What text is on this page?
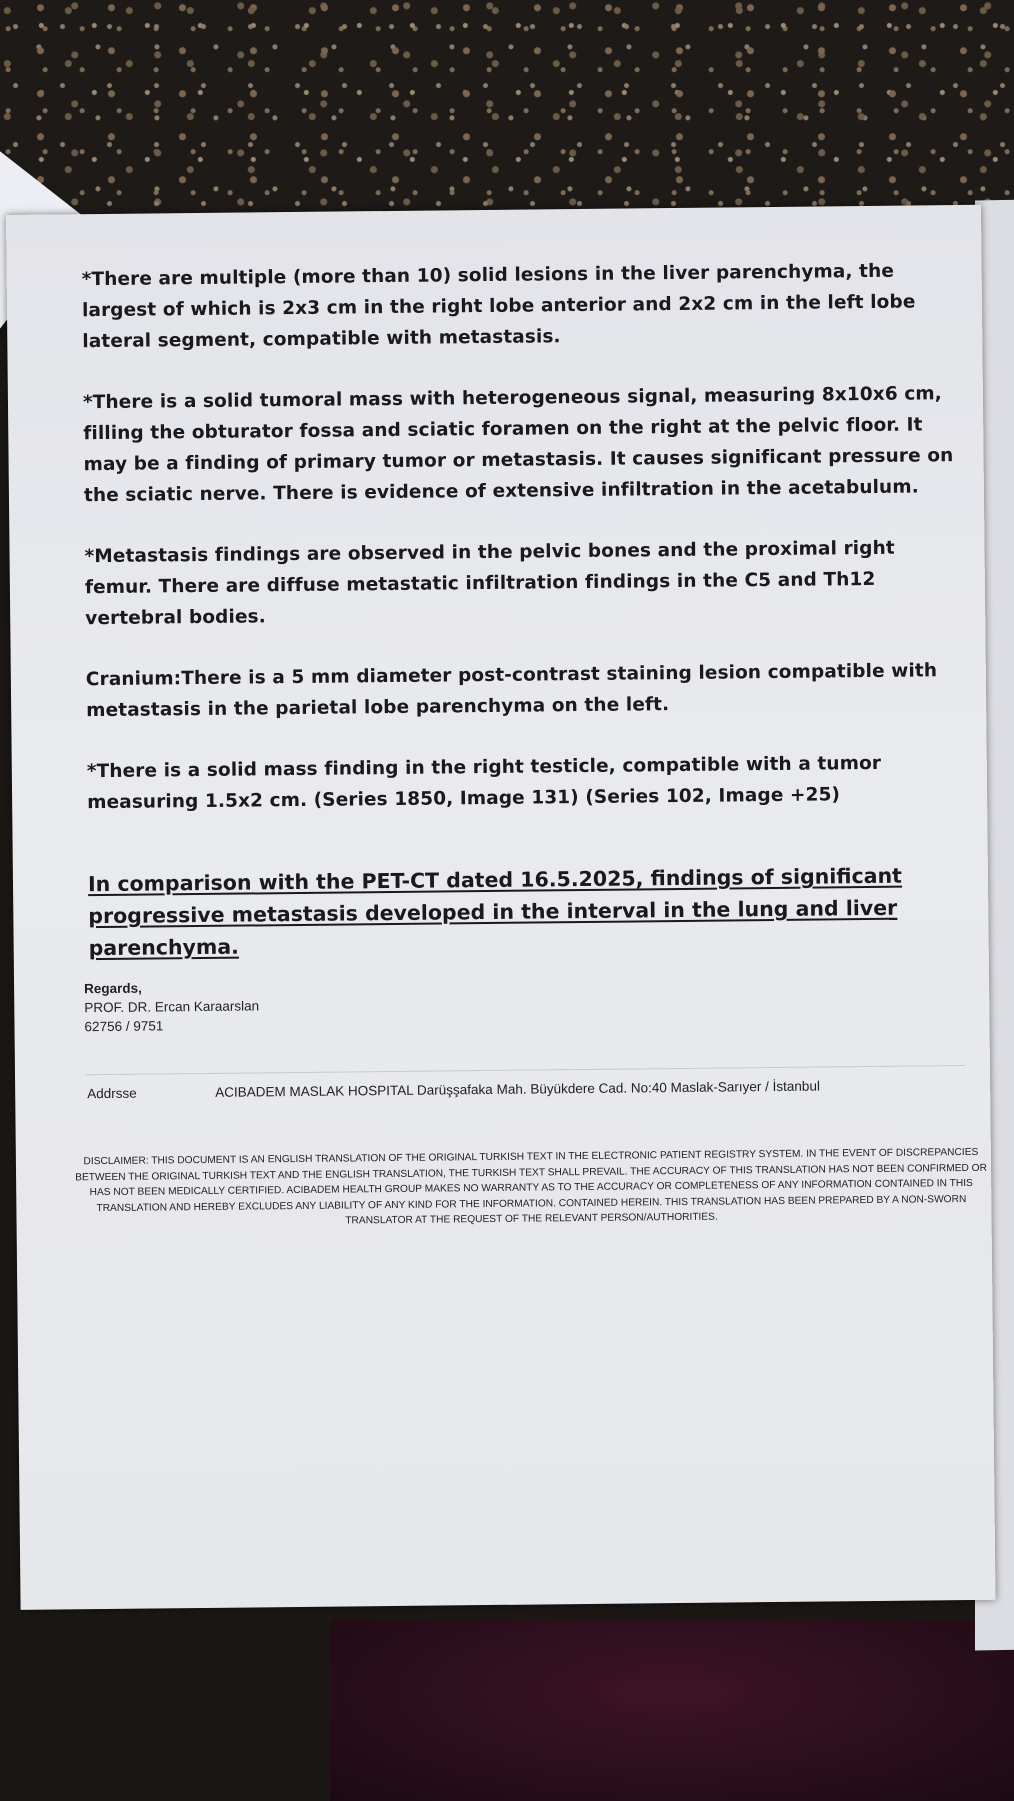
*There are multiple (more than 10) solid lesions in the liver parenchyma, the largest of which is 2x3 cm in the right lobe anterior and 2x2 cm in the left lobe lateral segment, compatible with metastasis.

*There is a solid tumoral mass with heterogeneous signal, measuring 8x10x6 cm, filling the obturator fossa and sciatic foramen on the right at the pelvic floor. It may be a finding of primary tumor or metastasis. It causes significant pressure on the sciatic nerve. There is evidence of extensive infiltration in the acetabulum.

*Metastasis findings are observed in the pelvic bones and the proximal right femur. There are diffuse metastatic infiltration findings in the C5 and Th12 vertebral bodies.

Cranium:There is a 5 mm diameter post-contrast staining lesion compatible with metastasis in the parietal lobe parenchyma on the left.

*There is a solid mass finding in the right testicle, compatible with a tumor measuring 1.5x2 cm. (Series 1850, Image 131) (Series 102, Image +25)

In comparison with the PET-CT dated 16.5.2025, findings of significant progressive metastasis developed in the interval in the lung and liver parenchyma.

Regards,
PROF. DR. Ercan Karaarslan
62756 / 9751
Addrsse	ACIBADEM MASLAK HOSPITAL Darüşşafaka Mah. Büyükdere Cad. No:40 Maslak-Sarıyer / İstanbul
DISCLAIMER: THIS DOCUMENT IS AN ENGLISH TRANSLATION OF THE ORIGINAL TURKISH TEXT IN THE ELECTRONIC PATIENT REGISTRY SYSTEM. IN THE EVENT OF DISCREPANCIES
BETWEEN THE ORIGINAL TURKISH TEXT AND THE ENGLISH TRANSLATION, THE TURKISH TEXT SHALL PREVAIL. THE ACCURACY OF THIS TRANSLATION HAS NOT BEEN CONFIRMED OR
HAS NOT BEEN MEDICALLY CERTIFIED. ACIBADEM HEALTH GROUP MAKES NO WARRANTY AS TO THE ACCURACY OR COMPLETENESS OF ANY INFORMATION CONTAINED IN THIS
TRANSLATION AND HEREBY EXCLUDES ANY LIABILITY OF ANY KIND FOR THE INFORMATION. CONTAINED HEREIN. THIS TRANSLATION HAS BEEN PREPARED BY A NON-SWORN
TRANSLATOR AT THE REQUEST OF THE RELEVANT PERSON/AUTHORITIES.
